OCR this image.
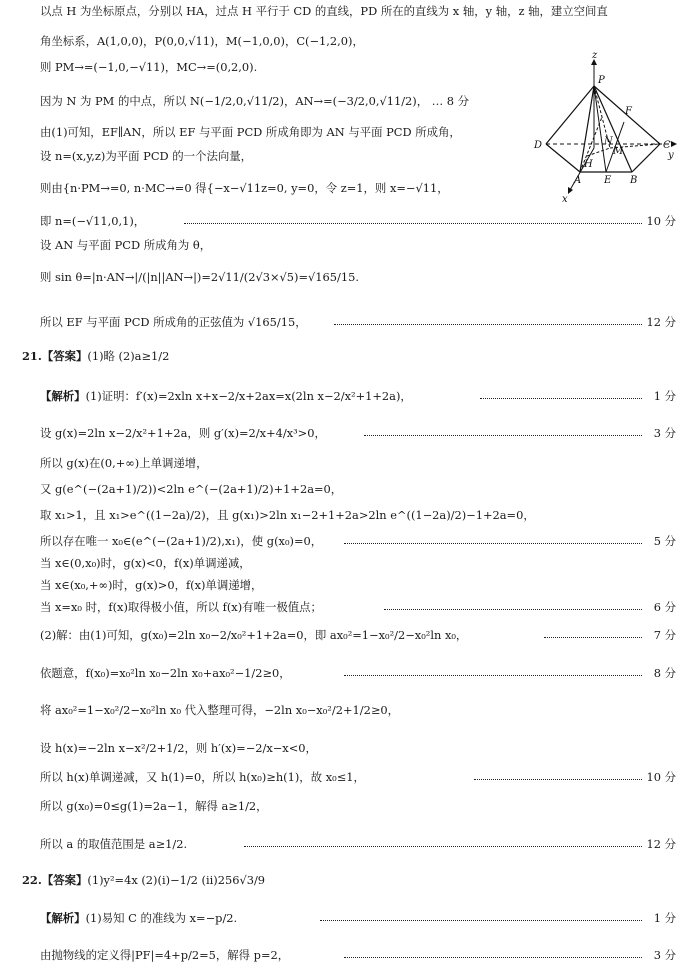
以点 H 为坐标原点，分别以 HA，过点 H 平行于 CD 的直线，PD 所在的直线为 x 轴，y 轴，z 轴，建立空间直
角坐标系，A(1,0,0)，P(0,0,√11)，M(−1,0,0)，C(−1,2,0)，
则 PM→=(−1,0,−√11)，MC→=(0,2,0).
因为 N 为 PM 的中点，所以 N(−1/2,0,√11/2)，AN→=(−3/2,0,√11/2)， … 8 分
由(1)可知，EF∥AN，所以 EF 与平面 PCD 所成角即为 AN 与平面 PCD 所成角，
设 n=(x,y,z)为平面 PCD 的一个法向量，
则由{n·PM→=0, n·MC→=0 得{−x−√11z=0, y=0，令 z=1，则 x=−√11，
即 n=(−√11,0,1)，	10 分
设 AN 与平面 PCD 所成角为 θ，
则 sin θ=|n·AN→|/(|n||AN→|)=2√11/(2√3×√5)=√165/15.
所以 EF 与平面 PCD 所成角的正弦值为 √165/15，	12 分
21.【答案】 (1)略 (2)a≥1/2
【解析】 (1)证明：f′(x)=2xln x+x−2/x+2ax=x(2ln x−2/x²+1+2a)，	1 分
设 g(x)=2ln x−2/x²+1+2a，则 g′(x)=2/x+4/x³>0，	3 分
所以 g(x)在(0,+∞)上单调递增，
又 g(e^(−(2a+1)/2))<2ln e^(−(2a+1)/2)+1+2a=0，
取 x₁>1，且 x₁>e^((1−2a)/2)，且 g(x₁)>2ln x₁−2+1+2a>2ln e^((1−2a)/2)−1+2a=0，
所以存在唯一 x₀∈(e^(−(2a+1)/2),x₁)，使 g(x₀)=0，	5 分
当 x∈(0,x₀)时，g(x)<0，f(x)单调递减，
当 x∈(x₀,+∞)时，g(x)>0，f(x)单调递增，
当 x=x₀ 时，f(x)取得极小值，所以 f(x)有唯一极值点；	6 分
(2)解：由(1)可知，g(x₀)=2ln x₀−2/x₀²+1+2a=0，即 ax₀²=1−x₀²/2−x₀²ln x₀，	7 分
依题意，f(x₀)=x₀²ln x₀−2ln x₀+ax₀²−1/2≥0，	8 分
将 ax₀²=1−x₀²/2−x₀²ln x₀ 代入整理可得，−2ln x₀−x₀²/2+1/2≥0，
设 h(x)=−2ln x−x²/2+1/2，则 h′(x)=−2/x−x<0，
所以 h(x)单调递减，又 h(1)=0，所以 h(x₀)≥h(1)，故 x₀≤1，	10 分
所以 g(x₀)=0≤g(1)=2a−1，解得 a≥1/2，
所以 a 的取值范围是 a≥1/2.	12 分
22.【答案】 (1)y²=4x (2)(ⅰ)−1/2 (ⅱ)256√3/9
【解析】 (1)易知 C 的准线为 x=−p/2.	1 分
由抛物线的定义得|PF|=4+p/2=5，解得 p=2，	3 分
z
P
D	C
y
F
M
N
H
A E B
x
